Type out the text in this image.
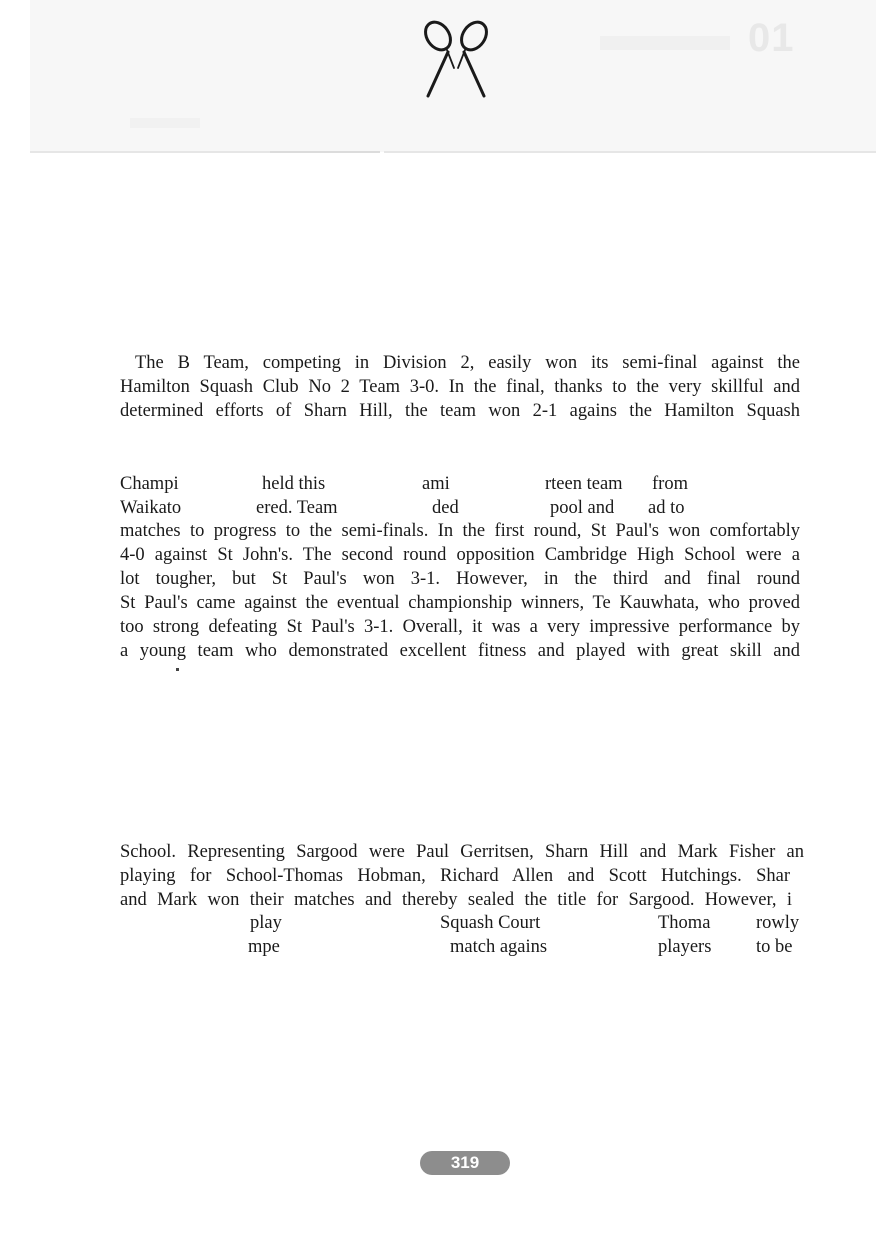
01
The B Team, competing in Division 2, easily won its semi-final against the
Hamilton Squash Club No 2 Team 3-0. In the final, thanks to the very skillful and
determined efforts of Sharn Hill, the team won 2-1 agains the Hamilton Squash
Champi	held this	ami	rteen team from
Waikato	ered. Team	ded	pool and ad to
matches to progress to the semi-finals. In the first round, St Paul's won comfortably
4-0 against St John's. The second round opposition Cambridge High School were a
lot tougher, but St Paul's won 3-1. However, in the third and final round
St Paul's came against the eventual championship winners, Te Kauwhata, who proved
too strong defeating St Paul's 3-1. Overall, it was a very impressive performance by
a young team who demonstrated excellent fitness and played with great skill and
School. Representing Sargood were Paul Gerritsen, Sharn Hill and Mark Fisher an
playing for School-Thomas Hobman, Richard Allen and Scott Hutchings. Shar
and Mark won their matches and thereby sealed the title for Sargood. However, i
play	Squash Court	Thoma rowly
mpe	match agains	players to be
319
